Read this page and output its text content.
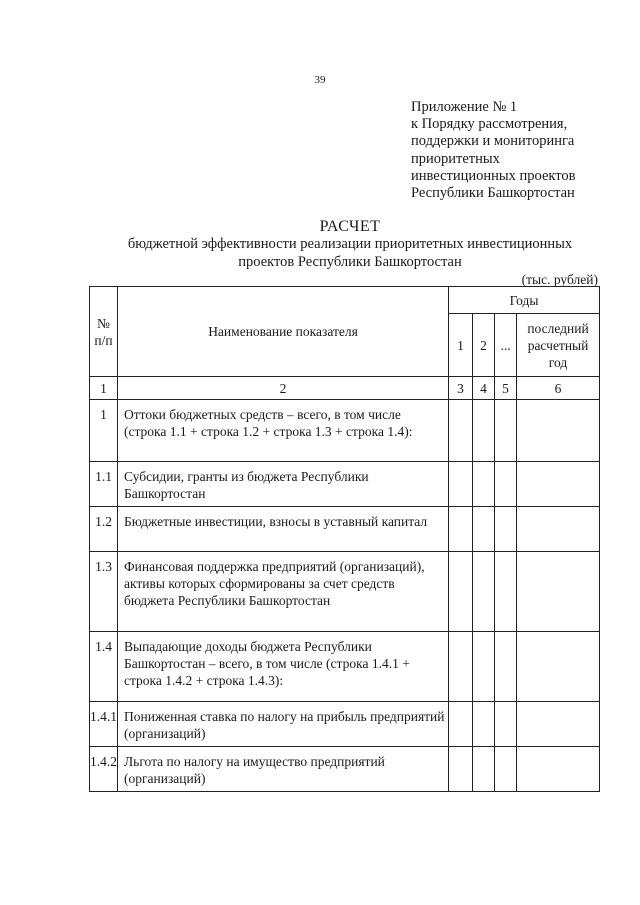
39
Приложение № 1
к Порядку рассмотрения,
поддержки и мониторинга
приоритетных
инвестиционных проектов
Республики Башкортостан
РАСЧЕТ
бюджетной эффективности реализации приоритетных инвестиционных проектов Республики Башкортостан
(тыс. рублей)
№ п/п	Наименование показателя	Годы			
		1	2	...	последний расчетный год
1	2	3	4	5	6
1	Оттоки бюджетных средств – всего, в том числе (строка 1.1 + строка 1.2 + строка 1.3 + строка 1.4):				
1.1	Субсидии, гранты из бюджета Республики Башкортостан				
1.2	Бюджетные инвестиции, взносы в уставный капитал				
1.3	Финансовая поддержка предприятий (организаций), активы которых сформированы за счет средств бюджета Республики Башкортостан				
1.4	Выпадающие доходы бюджета Республики Башкортостан – всего, в том числе (строка 1.4.1 + строка 1.4.2 + строка 1.4.3):				
1.4.1	Пониженная ставка по налогу на прибыль предприятий (организаций)				
1.4.2	Льгота по налогу на имущество предприятий (организаций)				
